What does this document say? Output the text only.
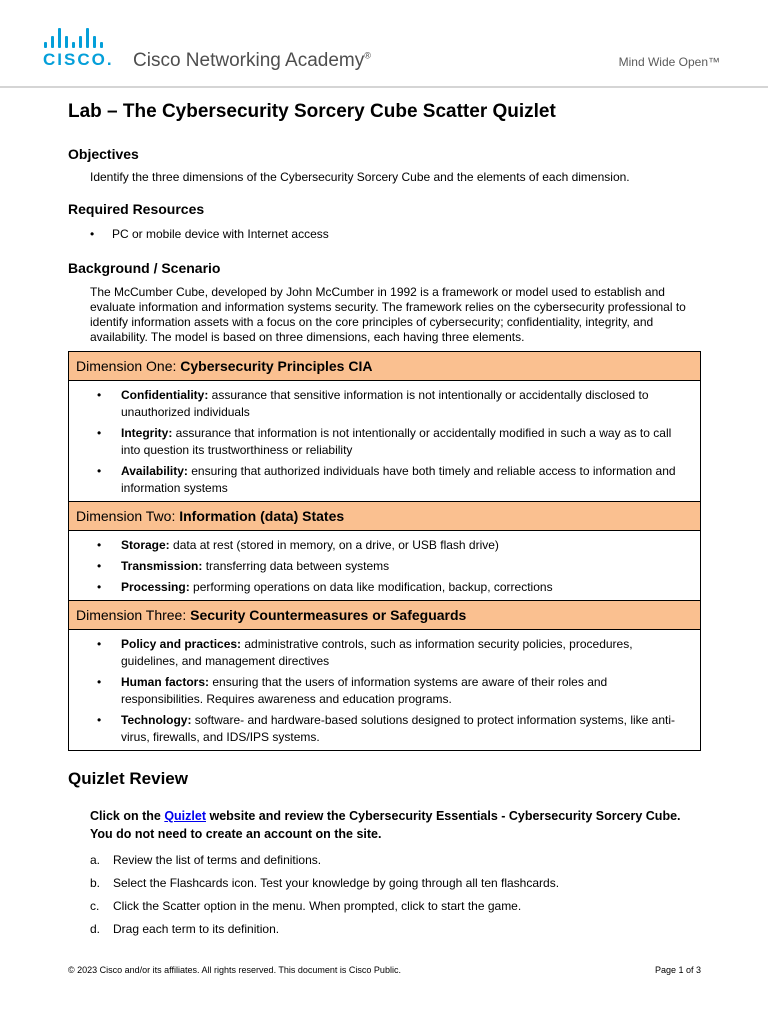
CISCO. Cisco Networking Academy®	Mind Wide Open™
Lab – The Cybersecurity Sorcery Cube Scatter Quizlet
Objectives

Identify the three dimensions of the Cybersecurity Sorcery Cube and the elements of each dimension.

Required Resources
• PC or mobile device with Internet access
Background / Scenario

The McCumber Cube, developed by John McCumber in 1992 is a framework or model used to establish and evaluate information and information systems security. The framework relies on the cybersecurity professional to identify information assets with a focus on the core principles of cybersecurity; confidentiality, integrity, and availability. The model is based on three dimensions, each having three elements.

Dimension One: Cybersecurity Principles CIA

• Confidentiality: assurance that sensitive information is not intentionally or accidentally disclosed to unauthorized individuals
• Integrity: assurance that information is not intentionally or accidentally modified in such a way as to call into question its trustworthiness or reliability
• Availability: ensuring that authorized individuals have both timely and reliable access to information and information systems

Dimension Two: Information (data) States

• Storage: data at rest (stored in memory, on a drive, or USB flash drive)
• Transmission: transferring data between systems
• Processing: performing operations on data like modification, backup, corrections

Dimension Three: Security Countermeasures or Safeguards

• Policy and practices: administrative controls, such as information security policies, procedures, guidelines, and management directives
• Human factors: ensuring that the users of information systems are aware of their roles and responsibilities. Requires awareness and education programs.
• Technology: software- and hardware-based solutions designed to protect information systems, like anti-virus, firewalls, and IDS/IPS systems.
Quizlet Review

Click on the Quizlet website and review the Cybersecurity Essentials - Cybersecurity Sorcery Cube. You do not need to create an account on the site.

a. Review the list of terms and definitions.
b. Select the Flashcards icon. Test your knowledge by going through all ten flashcards.
c. Click the Scatter option in the menu. When prompted, click to start the game.
d. Drag each term to its definition.
© 2023 Cisco and/or its affiliates. All rights reserved. This document is Cisco Public.	Page 1 of 3
